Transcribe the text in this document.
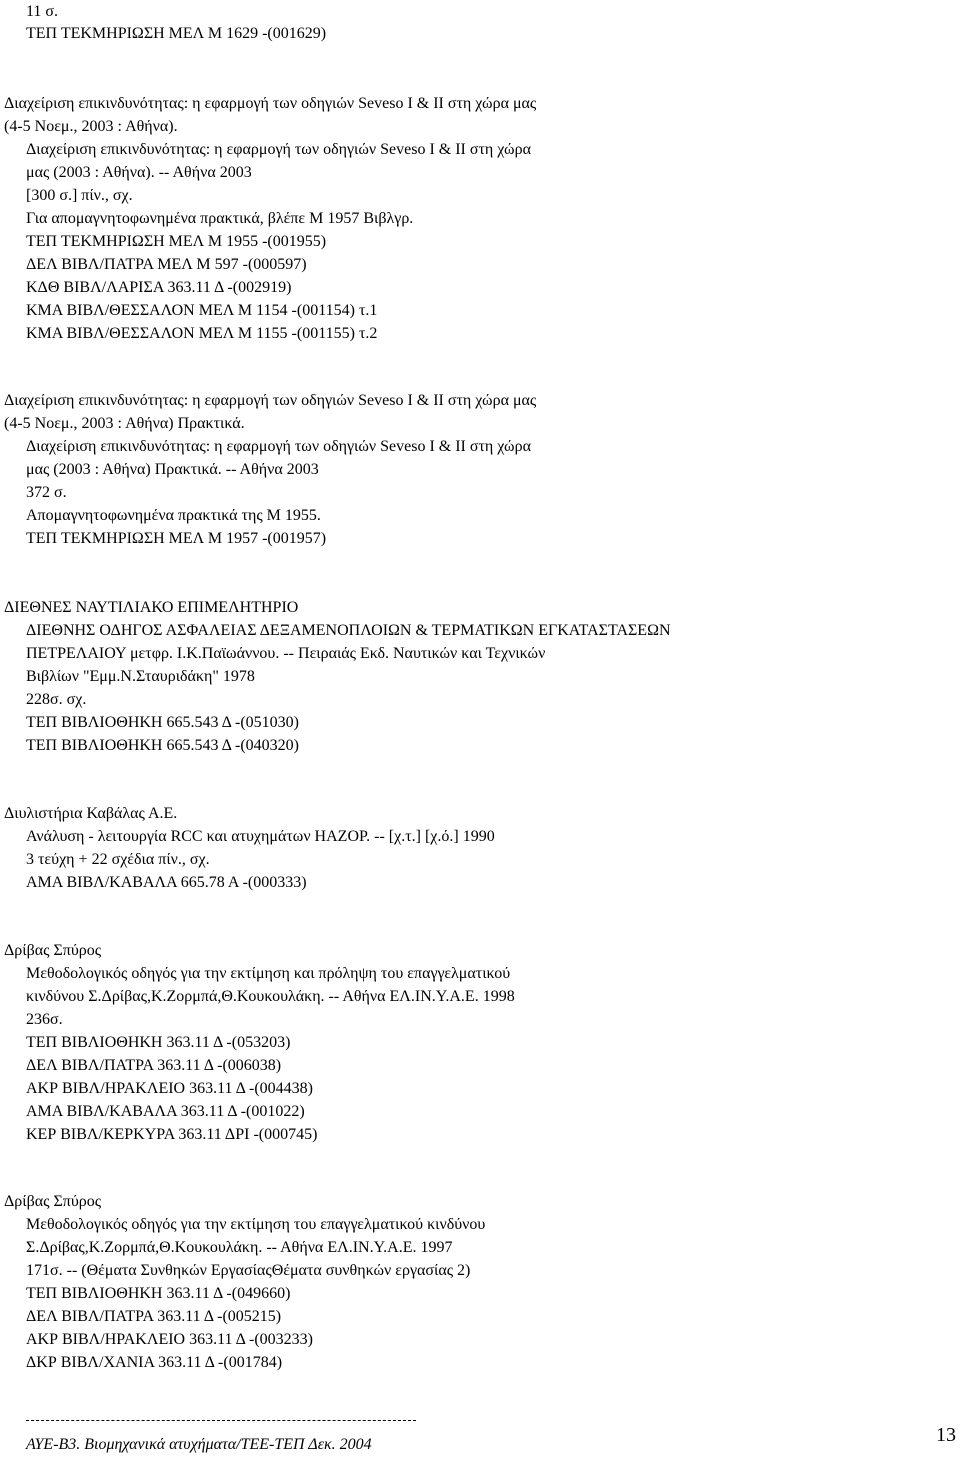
11 σ.
ΤΕΠ ΤΕΚΜΗΡΙΩΣΗ ΜΕΛ Μ 1629 -(001629)
Διαχείριση επικινδυνότητας: η εφαρμογή των οδηγιών Seveso I & II στη χώρα μας
(4-5 Νοεμ., 2003 : Αθήνα).
Διαχείριση επικινδυνότητας: η εφαρμογή των οδηγιών Seveso I & II στη χώρα
μας (2003 : Αθήνα). -- Αθήνα 2003
[300 σ.] πίν., σχ.
Για απομαγνητοφωνημένα πρακτικά, βλέπε Μ 1957 Βιβλγρ.
ΤΕΠ ΤΕΚΜΗΡΙΩΣΗ ΜΕΛ Μ 1955 -(001955)
ΔΕΛ ΒΙΒΛ/ΠΑΤΡΑ ΜΕΛ Μ 597 -(000597)
ΚΔΘ ΒΙΒΛ/ΛΑΡΙΣΑ 363.11 Δ -(002919)
ΚΜΑ ΒΙΒΛ/ΘΕΣΣΑΛΟΝ ΜΕΛ Μ 1154 -(001154) τ.1
ΚΜΑ ΒΙΒΛ/ΘΕΣΣΑΛΟΝ ΜΕΛ Μ 1155 -(001155) τ.2
Διαχείριση επικινδυνότητας: η εφαρμογή των οδηγιών Seveso I & II στη χώρα μας
(4-5 Νοεμ., 2003 : Αθήνα) Πρακτικά.
Διαχείριση επικινδυνότητας: η εφαρμογή των οδηγιών Seveso I & II στη χώρα
μας (2003 : Αθήνα) Πρακτικά. -- Αθήνα 2003
372 σ.
Απομαγνητοφωνημένα πρακτικά της Μ 1955.
ΤΕΠ ΤΕΚΜΗΡΙΩΣΗ ΜΕΛ Μ 1957 -(001957)
ΔΙΕΘΝΕΣ ΝΑΥΤΙΛΙΑΚΟ ΕΠΙΜΕΛΗΤΗΡΙΟ
ΔΙΕΘΝΗΣ ΟΔΗΓΟΣ ΑΣΦΑΛΕΙΑΣ ΔΕΞΑΜΕΝΟΠΛΟΙΩΝ & ΤΕΡΜΑΤΙΚΩΝ ΕΓΚΑΤΑΣΤΑΣΕΩΝ
ΠΕΤΡΕΛΑΙΟΥ μετφρ. Ι.Κ.Παϊωάννου. -- Πειραιάς Εκδ. Ναυτικών και Τεχνικών
Βιβλίων "Εμμ.Ν.Σταυριδάκη" 1978
228σ. σχ.
ΤΕΠ ΒΙΒΛΙΟΘΗΚΗ 665.543 Δ -(051030)
ΤΕΠ ΒΙΒΛΙΟΘΗΚΗ 665.543 Δ -(040320)
Διυλιστήρια Καβάλας Α.Ε.
Ανάλυση - λειτουργία RCC και ατυχημάτων HAZOP. -- [χ.τ.] [χ.ό.] 1990
3 τεύχη + 22 σχέδια πίν., σχ.
ΑΜΑ ΒΙΒΛ/ΚΑΒΑΛΑ 665.78 Α -(000333)
Δρίβας Σπύρος
Μεθοδολογικός οδηγός για την εκτίμηση και πρόληψη του επαγγελματικού
κινδύνου Σ.Δρίβας,Κ.Ζορμπά,Θ.Κουκουλάκη. -- Αθήνα ΕΛ.ΙΝ.Υ.Α.Ε. 1998
236σ.
ΤΕΠ ΒΙΒΛΙΟΘΗΚΗ 363.11 Δ -(053203)
ΔΕΛ ΒΙΒΛ/ΠΑΤΡΑ 363.11 Δ -(006038)
ΑΚΡ ΒΙΒΛ/ΗΡΑΚΛΕΙΟ 363.11 Δ -(004438)
ΑΜΑ ΒΙΒΛ/ΚΑΒΑΛΑ 363.11 Δ -(001022)
ΚΕΡ ΒΙΒΛ/ΚΕΡΚΥΡΑ 363.11 ΔΡΙ -(000745)
Δρίβας Σπύρος
Μεθοδολογικός οδηγός για την εκτίμηση του επαγγελματικού κινδύνου
Σ.Δρίβας,Κ.Ζορμπά,Θ.Κουκουλάκη. -- Αθήνα ΕΛ.ΙΝ.Υ.Α.Ε. 1997
171σ. -- (Θέματα Συνθηκών ΕργασίαςΘέματα συνθηκών εργασίας 2)
ΤΕΠ ΒΙΒΛΙΟΘΗΚΗ 363.11 Δ -(049660)
ΔΕΛ ΒΙΒΛ/ΠΑΤΡΑ 363.11 Δ -(005215)
ΑΚΡ ΒΙΒΛ/ΗΡΑΚΛΕΙΟ 363.11 Δ -(003233)
ΔΚΡ ΒΙΒΛ/ΧΑΝΙΑ 363.11 Δ -(001784)
ΑΥΕ-Β3. Βιομηχανικά ατυχήματα/ΤΕΕ-ΤΕΠ Δεκ. 2004	13
